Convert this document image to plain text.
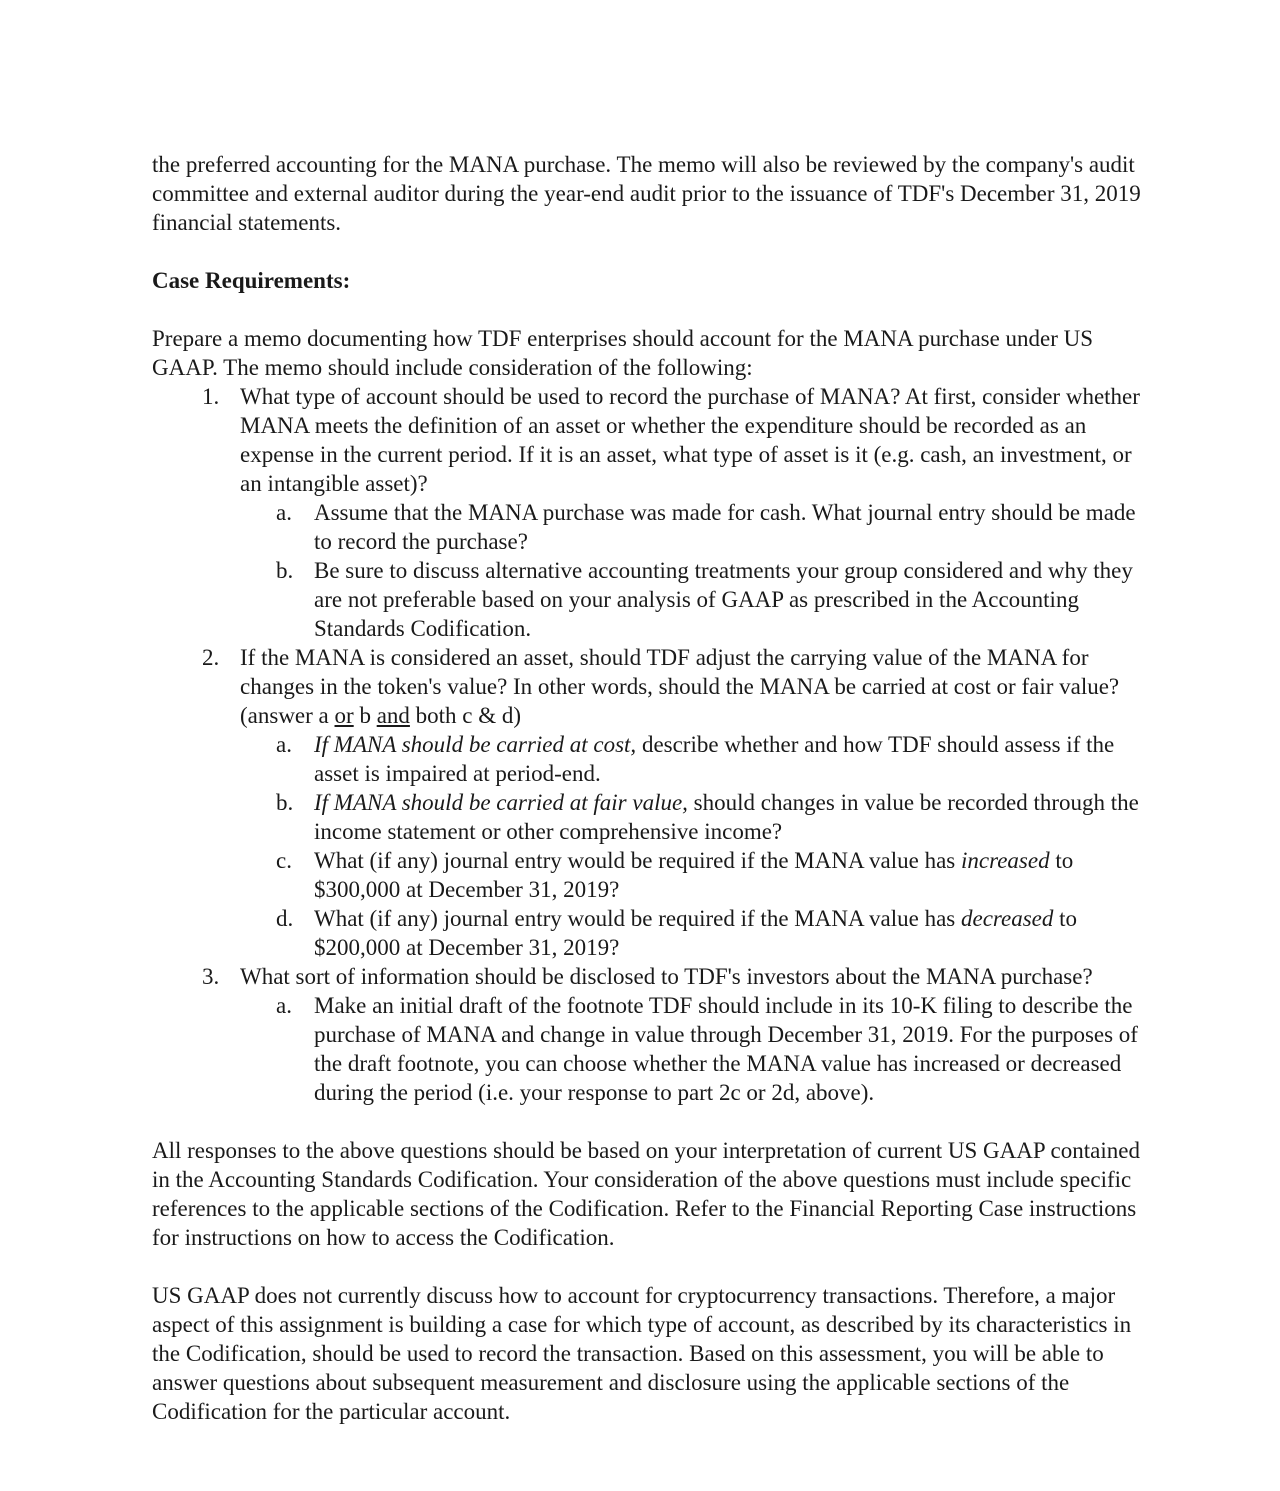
the preferred accounting for the MANA purchase. The memo will also be reviewed by the company's audit committee and external auditor during the year-end audit prior to the issuance of TDF's December 31, 2019 financial statements.

Case Requirements:

Prepare a memo documenting how TDF enterprises should account for the MANA purchase under US GAAP. The memo should include consideration of the following:

1. What type of account should be used to record the purchase of MANA? At first, consider whether MANA meets the definition of an asset or whether the expenditure should be recorded as an expense in the current period. If it is an asset, what type of asset is it (e.g. cash, an investment, or an intangible asset)?
a. Assume that the MANA purchase was made for cash. What journal entry should be made to record the purchase?
b. Be sure to discuss alternative accounting treatments your group considered and why they are not preferable based on your analysis of GAAP as prescribed in the Accounting Standards Codification.
2. If the MANA is considered an asset, should TDF adjust the carrying value of the MANA for changes in the token's value? In other words, should the MANA be carried at cost or fair value? (answer a or b and both c & d)
a. If MANA should be carried at cost, describe whether and how TDF should assess if the asset is impaired at period-end.
b. If MANA should be carried at fair value, should changes in value be recorded through the income statement or other comprehensive income?
c. What (if any) journal entry would be required if the MANA value has increased to $300,000 at December 31, 2019?
d. What (if any) journal entry would be required if the MANA value has decreased to $200,000 at December 31, 2019?
3. What sort of information should be disclosed to TDF's investors about the MANA purchase?
a. Make an initial draft of the footnote TDF should include in its 10-K filing to describe the purchase of MANA and change in value through December 31, 2019. For the purposes of the draft footnote, you can choose whether the MANA value has increased or decreased during the period (i.e. your response to part 2c or 2d, above).

All responses to the above questions should be based on your interpretation of current US GAAP contained in the Accounting Standards Codification. Your consideration of the above questions must include specific references to the applicable sections of the Codification. Refer to the Financial Reporting Case instructions for instructions on how to access the Codification.

US GAAP does not currently discuss how to account for cryptocurrency transactions. Therefore, a major aspect of this assignment is building a case for which type of account, as described by its characteristics in the Codification, should be used to record the transaction. Based on this assessment, you will be able to answer questions about subsequent measurement and disclosure using the applicable sections of the Codification for the particular account.
